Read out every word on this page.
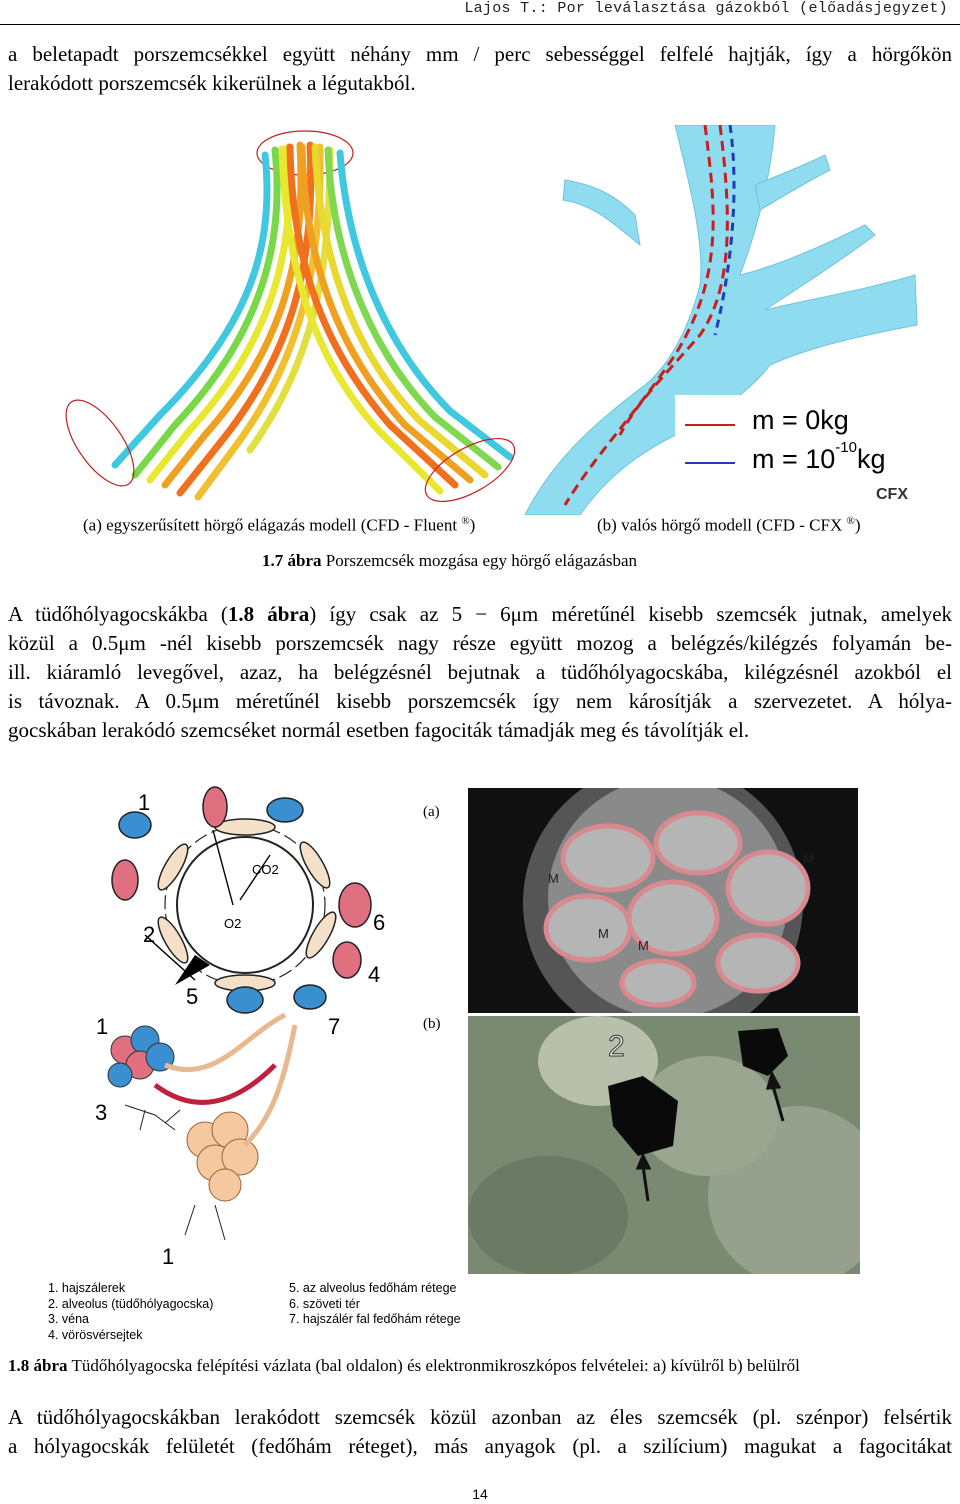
Lajos T.: Por leválasztása gázokból (előadásjegyzet)
a beletapadt porszemcsékkel együtt néhány mm / perc sebességgel felfelé hajtják, így a hörgőkön
lerakódott porszemcsék kikerülnek a légutakból.
m = 0kg
$m = 10^{-10}kg$
CFX
(a) egyszerűsített hörgő elágazás modell (CFD - Fluent ®)	(b) valós hörgő modell (CFD - CFX ®)
1.7 ábra Porszemcsék mozgása egy hörgő elágazásban
A tüdőhólyagocskákba (1.8 ábra) így csak az 5 − 6μm méretűnél kisebb szemcsék jutnak, amelyek
közül a 0.5μm -nél kisebb porszemcsék nagy része együtt mozog a belégzés/kilégzés folyamán be-
ill. kiáramló levegővel, azaz, ha belégzésnél bejutnak a tüdőhólyagocskába, kilégzésnél azokból el
is távoznak. A 0.5μm méretűnél kisebb porszemcsék így nem károsítják a szervezetet. A hólya-
gocskában lerakódó szemcséket normál esetben fagociták támadják meg és távolítják el.
1
2	6
4
5
7
1
3
1
CO2
O2
(a)
(b)
M
M
M
M
2
1. hajszálerek
2. alveolus (tüdőhólyagocska)
3. véna
4. vörösvérsejtek
5. az alveolus fedőhám rétege
6. szöveti tér
7. hajszálér fal fedőhám rétege
1.8 ábra Tüdőhólyagocska felépítési vázlata (bal oldalon) és elektronmikroszkópos felvételei: a) kívülről b) belülről
A tüdőhólyagocskákban lerakódott szemcsék közül azonban az éles szemcsék (pl. szénpor) felsértik
a hólyagocskák felületét (fedőhám réteget), más anyagok (pl. a szilícium) magukat a fagocitákat
14
